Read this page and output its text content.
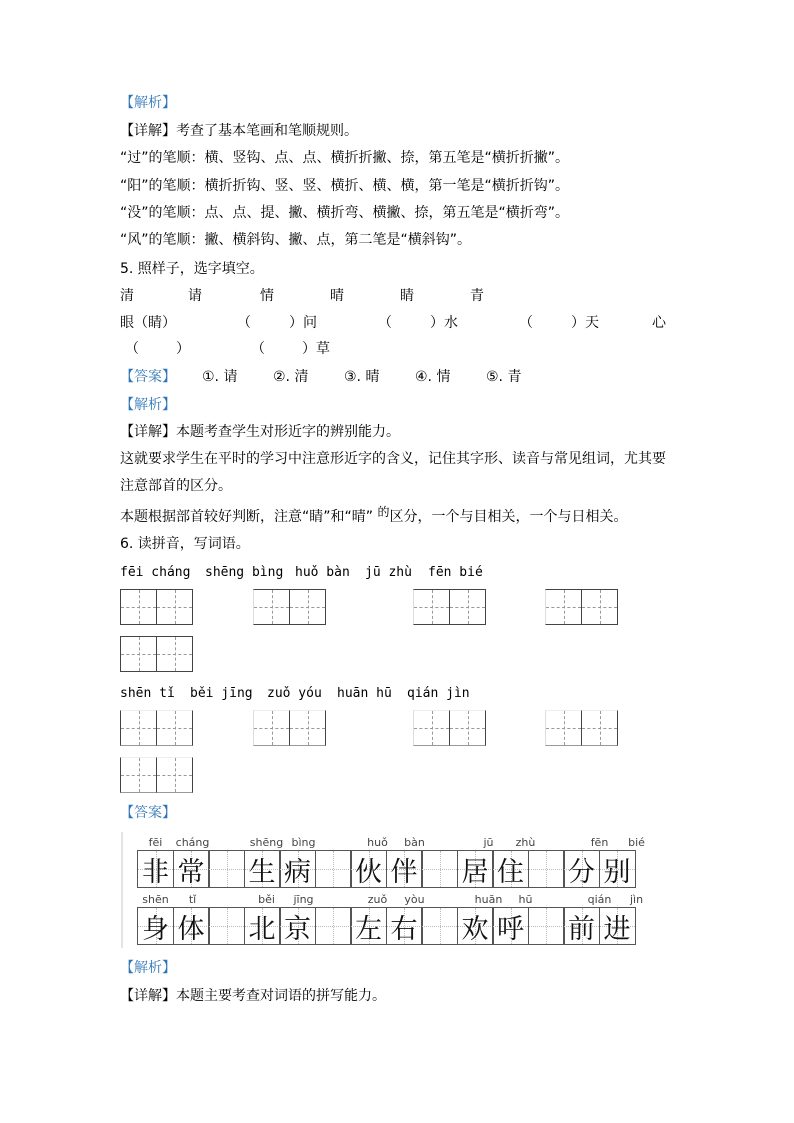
【解析】
【详解】考查了基本笔画和笔顺规则。
“过”的笔顺：横、竖钩、点、点、横折折撇、捺，第五笔是“横折折撇”。
“阳”的笔顺：横折折钩、竖、竖、横折、横、横，第一笔是“横折折钩”。
“没”的笔顺：点、点、提、撇、横折弯、横撇、捺，第五笔是“横折弯”。
“风”的笔顺：撇、横斜钩、撇、点，第二笔是“横斜钩”。
5. 照样子，选字填空。
清	请	情	晴	睛	青
眼（睛）	（	）问	（	）水	（	）天	心
（	）	（	）草
【答案】 ①. 请	②. 清	③. 晴	④. 情	⑤. 青
【解析】
【详解】本题考查学生对形近字的辨别能力。
这就要求学生在平时的学习中注意形近字的含义，记住其字形、读音与常见组词，尤其要
注意部首的区分。
本题根据部首较好判断，注意“睛”和“晴” 的区分，一个与目相关，一个与日相关。
6. 读拼音，写词语。
fēi cháng shēng bìng huǒ bàn jū zhù fēn bié
shēn tǐ běi jīng zuǒ yóu huān hū qián jìn
【答案】
fēi	cháng	shēng bìng	huǒ	bàn	jū	zhù	fēn	bié
非 常 生 病 伙 伴 居 住 分 别
shēn	tǐ	běi	jīng	zuǒ	yòu	huān	hū	qián	jìn
身 体 北 京 左 右 欢 呼 前 进
【解析】
【详解】本题主要考查对词语的拼写能力。
